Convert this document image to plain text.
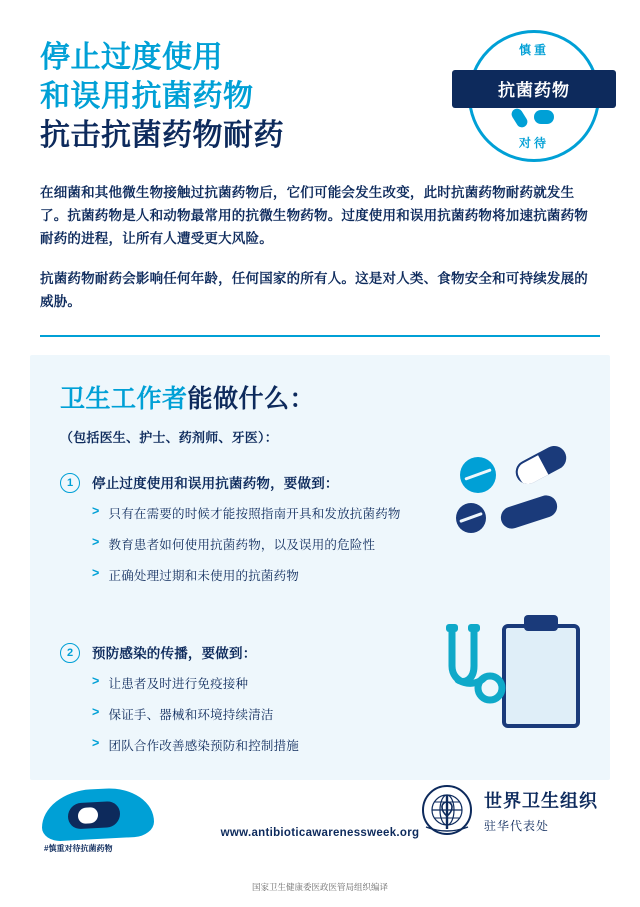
停止过度使用
和误用抗菌药物
抗击抗菌药物耐药
慎重
对待
抗菌药物

在细菌和其他微生物接触过抗菌药物后，它们可能会发生改变，此时抗菌药物耐药就发生了。抗菌药物是人和动物最常用的抗微生物药物。过度使用和误用抗菌药物将加速抗菌药物耐药的进程，让所有人遭受更大风险。

抗菌药物耐药会影响任何年龄，任何国家的所有人。这是对人类、食物安全和可持续发展的威胁。

卫生工作者能做什么：
（包括医生、护士、药剂师、牙医）：
1	停止过度使用和误用抗菌药物，要做到：
> 只有在需要的时候才能按照指南开具和发放抗菌药物
> 教育患者如何使用抗菌药物，以及误用的危险性
> 正确处理过期和未使用的抗菌药物
2	预防感染的传播，要做到：
> 让患者及时进行免疫接种
> 保证手、器械和环境持续清洁
> 团队合作改善感染预防和控制措施
#慎重对待抗菌药物
www.antibioticawarenessweek.org
世界卫生组织
驻华代表处
国家卫生健康委医政医管局组织编译
